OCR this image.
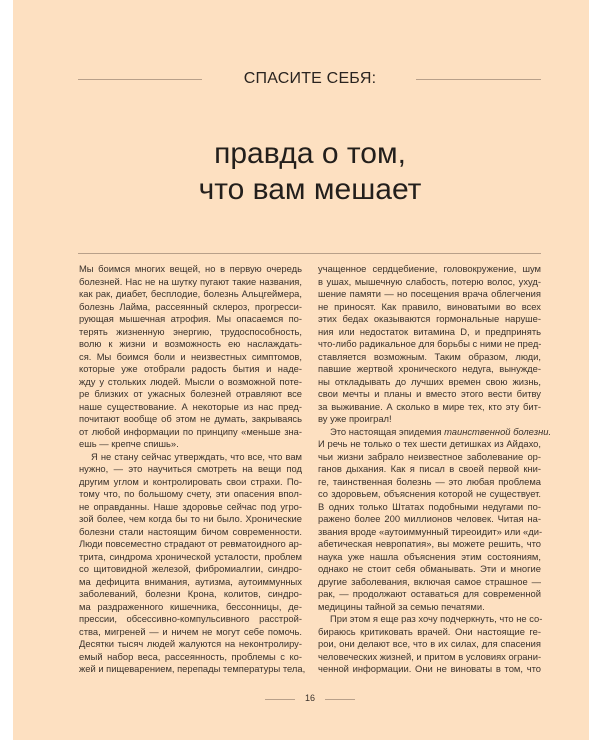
СПАСИТЕ СЕБЯ:
правда о том,
что вам мешает
Мы боимся многих вещей, но в первую очередь
болезней. Нас не на шутку пугают такие названия,
как рак, диабет, бесплодие, болезнь Альцгеймера,
болезнь Лайма, рассеянный склероз, прогресси-
рующая мышечная атрофия. Мы опасаемся по-
терять жизненную энергию, трудоспособность,
волю к жизни и возможность ею наслаждать-
ся. Мы боимся боли и неизвестных симптомов,
которые уже отобрали радость бытия и наде-
жду у стольких людей. Мысли о возможной поте-
ре близких от ужасных болезней отравляют все
наше существование. А некоторые из нас пред-
почитают вообще об этом не думать, закрываясь
от любой информации по принципу «меньше зна-
ешь — крепче спишь».
Я не стану сейчас утверждать, что все, что вам
нужно, — это научиться смотреть на вещи под
другим углом и контролировать свои страхи. По-
тому что, по большому счету, эти опасения впол-
не оправданны. Наше здоровье сейчас под угро-
зой более, чем когда бы то ни было. Хронические
болезни стали настоящим бичом современности.
Люди повсеместно страдают от ревматоидного ар-
трита, синдрома хронической усталости, проблем
со щитовидной железой, фибромиалгии, синдро-
ма дефицита внимания, аутизма, аутоиммунных
заболеваний, болезни Крона, колитов, синдро-
ма раздраженного кишечника, бессонницы, де-
прессии, обсессивно-компульсивного расстрой-
ства, мигреней — и ничем не могут себе помочь.
Десятки тысяч людей жалуются на неконтролиру-
емый набор веса, рассеянность, проблемы с ко-
жей и пищеварением, перепады температуры тела,
учащенное сердцебиение, головокружение, шум
в ушах, мышечную слабость, потерю волос, ухуд-
шение памяти — но посещения врача облегчения
не приносят. Как правило, виноватыми во всех
этих бедах оказываются гормональные наруше-
ния или недостаток витамина D, и предпринять
что-либо радикальное для борьбы с ними не пред-
ставляется возможным. Таким образом, люди,
павшие жертвой хронического недуга, вынужде-
ны откладывать до лучших времен свою жизнь,
свои мечты и планы и вместо этого вести битву
за выживание. А сколько в мире тех, кто эту бит-
ву уже проиграл!
Это настоящая эпидемия таинственной болезни.
И речь не только о тех шести детишках из Айдахо,
чьи жизни забрало неизвестное заболевание ор-
ганов дыхания. Как я писал в своей первой кни-
ге, таинственная болезнь — это любая проблема
со здоровьем, объяснения которой не существует.
В одних только Штатах подобными недугами по-
ражено более 200 миллионов человек. Читая на-
звания вроде «аутоиммунный тиреоидит» или «ди-
абетическая невропатия», вы можете решить, что
наука уже нашла объяснения этим состояниям,
однако не стоит себя обманывать. Эти и многие
другие заболевания, включая самое страшное —
рак, — продолжают оставаться для современной
медицины тайной за семью печатями.
При этом я еще раз хочу подчеркнуть, что не со-
бираюсь критиковать врачей. Они настоящие ге-
рои, они делают все, что в их силах, для спасения
человеческих жизней, и притом в условиях ограни-
ченной информации. Они не виноваты в том, что
16
